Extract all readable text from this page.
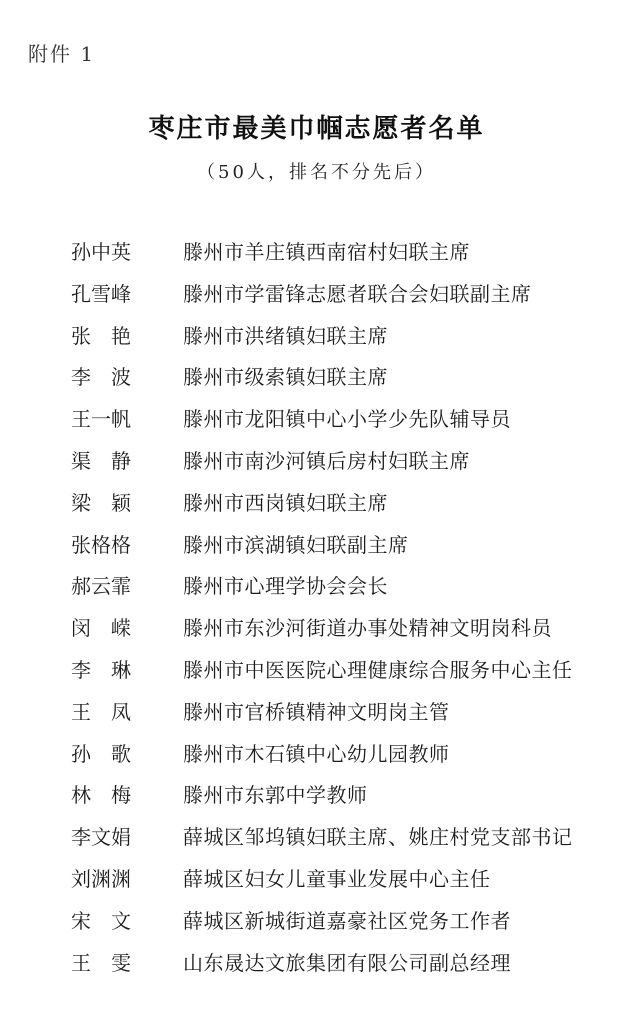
附件 1
枣庄市最美巾帼志愿者名单
（50人，排名不分先后）
孙中英	滕州市羊庄镇西南宿村妇联主席
孔雪峰	滕州市学雷锋志愿者联合会妇联副主席
张艳	滕州市洪绪镇妇联主席
李波	滕州市级索镇妇联主席
王一帆	滕州市龙阳镇中心小学少先队辅导员
渠静	滕州市南沙河镇后房村妇联主席
梁颖	滕州市西岗镇妇联主席
张格格	滕州市滨湖镇妇联副主席
郝云霏	滕州市心理学协会会长
闵嵘	滕州市东沙河街道办事处精神文明岗科员
李琳	滕州市中医医院心理健康综合服务中心主任
王凤	滕州市官桥镇精神文明岗主管
孙歌	滕州市木石镇中心幼儿园教师
林梅	滕州市东郭中学教师
李文娟	薛城区邹坞镇妇联主席、姚庄村党支部书记
刘渊渊	薛城区妇女儿童事业发展中心主任
宋文	薛城区新城街道嘉豪社区党务工作者
王雯	山东晟达文旅集团有限公司副总经理
